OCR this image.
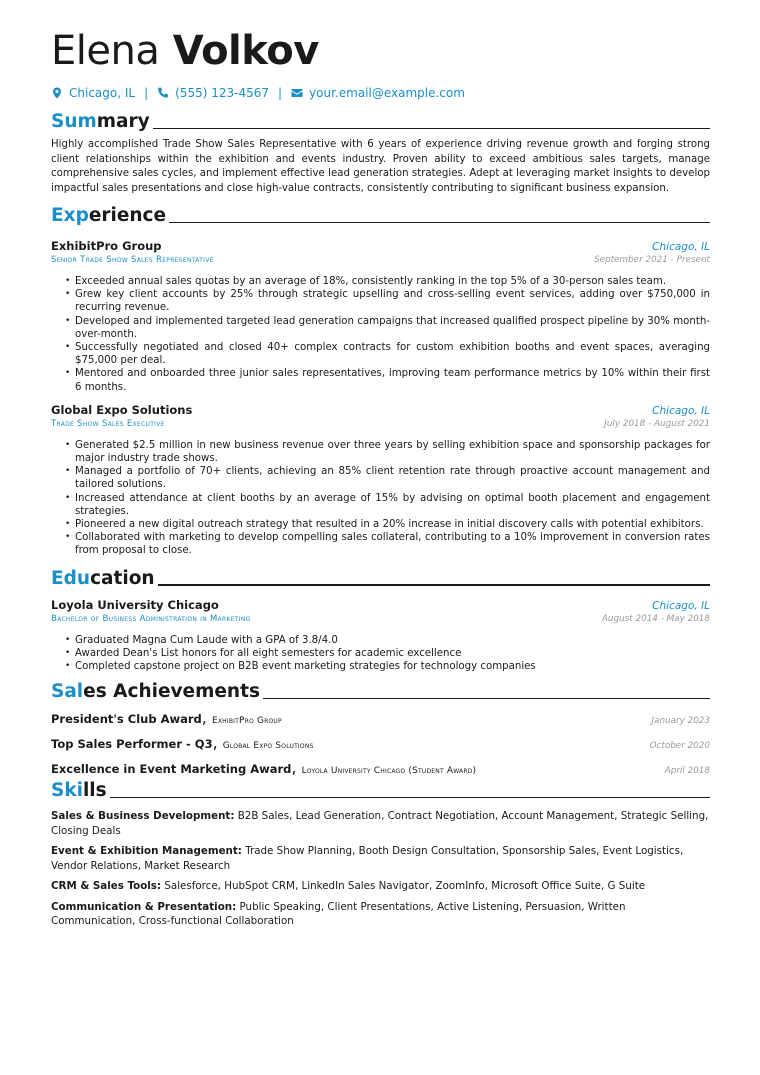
Elena Volkov
Chicago, IL | (555) 123-4567 | your.email@example.com
Summary
Highly accomplished Trade Show Sales Representative with 6 years of experience driving revenue growth and forging strong client relationships within the exhibition and events industry. Proven ability to exceed ambitious sales targets, manage comprehensive sales cycles, and implement effective lead generation strategies. Adept at leveraging market insights to develop impactful sales presentations and close high-value contracts, consistently contributing to significant business expansion.
Experience
ExhibitPro Group	Chicago, IL
Senior Trade Show Sales Representative	September 2021 - Present
• Exceeded annual sales quotas by an average of 18%, consistently ranking in the top 5% of a 30-person sales team.
• Grew key client accounts by 25% through strategic upselling and cross-selling event services, adding over $750,000 in recurring revenue.
• Developed and implemented targeted lead generation campaigns that increased qualified prospect pipeline by 30% month-over-month.
• Successfully negotiated and closed 40+ complex contracts for custom exhibition booths and event spaces, averaging $75,000 per deal.
• Mentored and onboarded three junior sales representatives, improving team performance metrics by 10% within their first 6 months.
Global Expo Solutions	Chicago, IL
Trade Show Sales Executive	July 2018 - August 2021
• Generated $2.5 million in new business revenue over three years by selling exhibition space and sponsorship packages for major industry trade shows.
• Managed a portfolio of 70+ clients, achieving an 85% client retention rate through proactive account management and tailored solutions.
• Increased attendance at client booths by an average of 15% by advising on optimal booth placement and engagement strategies.
• Pioneered a new digital outreach strategy that resulted in a 20% increase in initial discovery calls with potential exhibitors.
• Collaborated with marketing to develop compelling sales collateral, contributing to a 10% improvement in conversion rates from proposal to close.
Education
Loyola University Chicago	Chicago, IL
Bachelor of Business Administration in Marketing	August 2014 - May 2018
• Graduated Magna Cum Laude with a GPA of 3.8/4.0
• Awarded Dean's List honors for all eight semesters for academic excellence
• Completed capstone project on B2B event marketing strategies for technology companies
Sales Achievements
President's Club Award, ExhibitPro Group	January 2023
Top Sales Performer - Q3, Global Expo Solutions	October 2020
Excellence in Event Marketing Award, Loyola University Chicago (Student Award)	April 2018
Skills
Sales & Business Development: B2B Sales, Lead Generation, Contract Negotiation, Account Management, Strategic Selling, Closing Deals
Event & Exhibition Management: Trade Show Planning, Booth Design Consultation, Sponsorship Sales, Event Logistics, Vendor Relations, Market Research
CRM & Sales Tools: Salesforce, HubSpot CRM, LinkedIn Sales Navigator, ZoomInfo, Microsoft Office Suite, G Suite
Communication & Presentation: Public Speaking, Client Presentations, Active Listening, Persuasion, Written Communication, Cross-functional Collaboration
